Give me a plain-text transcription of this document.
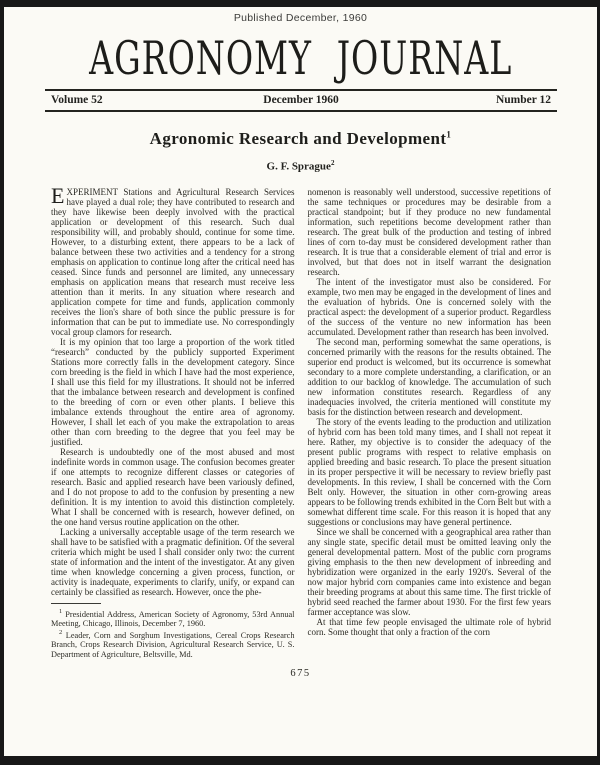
Published December, 1960
AGRONOMY JOURNAL
Volume 52	December 1960	Number 12
Agronomic Research and Development$^1$
G. F. Sprague$^2$

EXPERIMENT Stations and Agricultural Research Services have played a dual role; they have contributed to research and they have likewise been deeply involved with the practical application or development of this research. Such dual responsibility will, and probably should, continue for some time. However, to a disturbing extent, there appears to be a lack of balance between these two activities and a tendency for a strong emphasis on application to continue long after the critical need has ceased. Since funds and personnel are limited, any unnecessary emphasis on application means that research must receive less attention than it merits. In any situation where research and application compete for time and funds, application commonly receives the lion's share of both since the public pressure is for information that can be put to immediate use. No correspondingly vocal group clamors for research.

It is my opinion that too large a proportion of the work titled “research” conducted by the publicly supported Experiment Stations more correctly falls in the development category. Since corn breeding is the field in which I have had the most experience, I shall use this field for my illustrations. It should not be inferred that the imbalance between research and development is confined to the breeding of corn or even other plants. I believe this imbalance extends throughout the entire area of agronomy. However, I shall let each of you make the extrapolation to areas other than corn breeding to the degree that you feel may be justified.

Research is undoubtedly one of the most abused and most indefinite words in common usage. The confusion becomes greater if one attempts to recognize different classes or categories of research. Basic and applied research have been variously defined, and I do not propose to add to the confusion by presenting a new definition. It is my intention to avoid this distinction completely. What I shall be concerned with is research, however defined, on the one hand versus routine application on the other.

Lacking a universally acceptable usage of the term research we shall have to be satisfied with a pragmatic definition. Of the several criteria which might be used I shall consider only two: the current state of information and the intent of the investigator. At any given time when knowledge concerning a given process, function, or activity is inadequate, experiments to clarify, unify, or expand can certainly be classified as research. However, once the phe-

$^1$ Presidential Address, American Society of Agronomy, 53rd Annual Meeting, Chicago, Illinois, December 7, 1960.

$^2$ Leader, Corn and Sorghum Investigations, Cereal Crops Research Branch, Crops Research Division, Agricultural Research Service, U. S. Department of Agriculture, Beltsville, Md.

nomenon is reasonably well understood, successive repetitions of the same techniques or procedures may be desirable from a practical standpoint; but if they produce no new fundamental information, such repetitions become development rather than research. The great bulk of the production and testing of inbred lines of corn to-day must be considered development rather than research. It is true that a considerable element of trial and error is involved, but that does not in itself warrant the designation research.

The intent of the investigator must also be considered. For example, two men may be engaged in the development of lines and the evaluation of hybrids. One is concerned solely with the practical aspect: the development of a superior product. Regardless of the success of the venture no new information has been accumulated. Development rather than research has been involved.

The second man, performing somewhat the same operations, is concerned primarily with the reasons for the results obtained. The superior end product is welcomed, but its occurrence is somewhat secondary to a more complete understanding, a clarification, or an addition to our backlog of knowledge. The accumulation of such new information constitutes research. Regardless of any inadequacies involved, the criteria mentioned will constitute my basis for the distinction between research and development.

The story of the events leading to the production and utilization of hybrid corn has been told many times, and I shall not repeat it here. Rather, my objective is to consider the adequacy of the present public programs with respect to relative emphasis on applied breeding and basic research. To place the present situation in its proper perspective it will be necessary to review briefly past developments. In this review, I shall be concerned with the Corn Belt only. However, the situation in other corn-growing areas appears to be following trends exhibited in the Corn Belt but with a somewhat different time scale. For this reason it is hoped that any suggestions or conclusions may have general pertinence.

Since we shall be concerned with a geographical area rather than any single state, specific detail must be omitted leaving only the general developmental pattern. Most of the public corn programs giving emphasis to the then new development of inbreeding and hybridization were organized in the early 1920's. Several of the now major hybrid corn companies came into existence and began their breeding programs at about this same time. The first trickle of hybrid seed reached the farmer about 1930. For the first few years farmer acceptance was slow.

At that time few people envisaged the ultimate role of hybrid corn. Some thought that only a fraction of the corn

675
